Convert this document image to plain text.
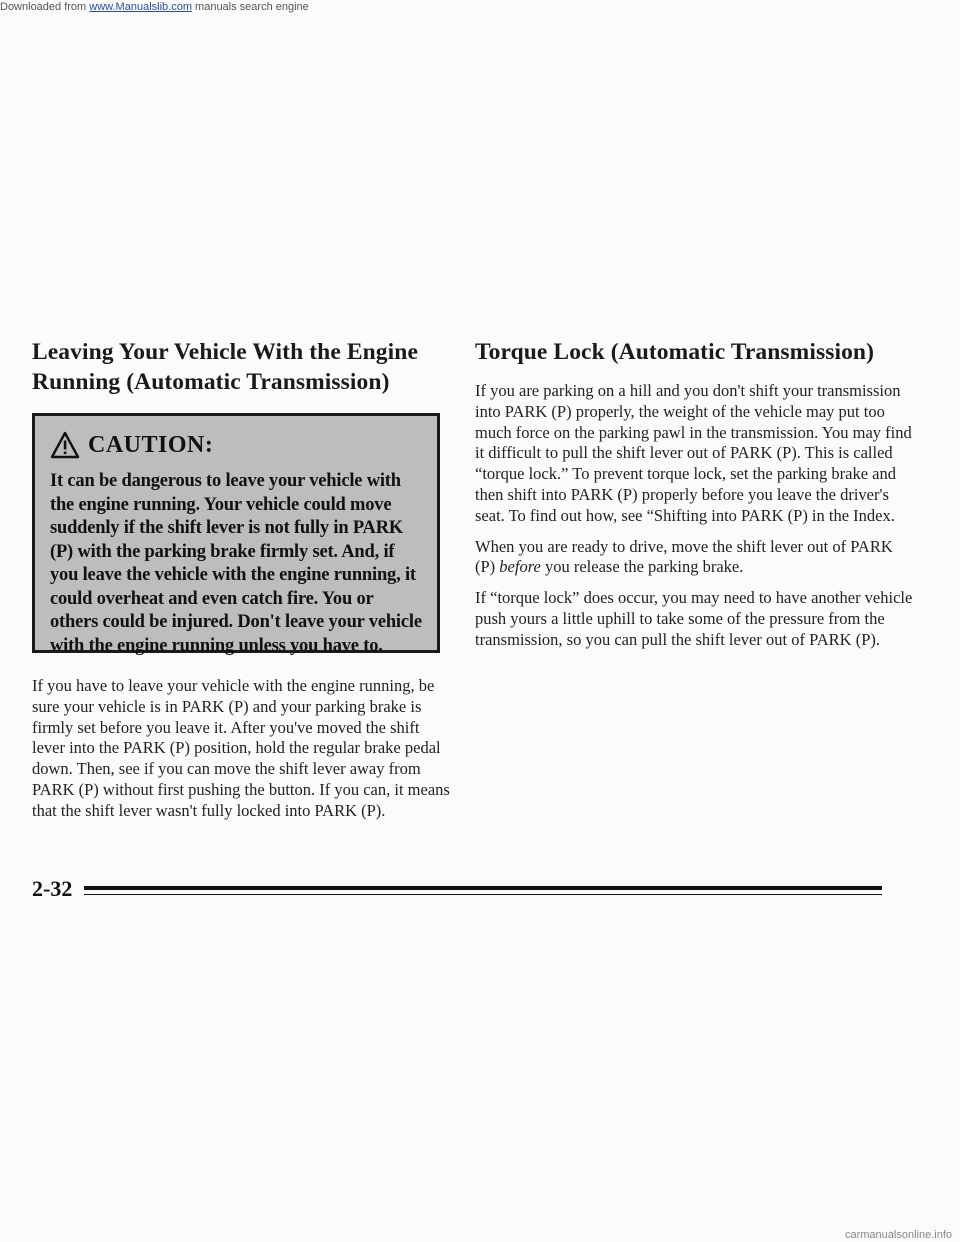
Downloaded from www.Manualslib.com manuals search engine
Leaving Your Vehicle With the Engine
Running (Automatic Transmission)
CAUTION:
It can be dangerous to leave your vehicle with the engine running. Your vehicle could move suddenly if the shift lever is not fully in PARK (P) with the parking brake firmly set. And, if you leave the vehicle with the engine running, it could overheat and even catch fire. You or others could be injured. Don't leave your vehicle with the engine running unless you have to.

If you have to leave your vehicle with the engine running, be sure your vehicle is in PARK (P) and your parking brake is firmly set before you leave it. After you've moved the shift lever into the PARK (P) position, hold the regular brake pedal down. Then, see if you can move the shift lever away from PARK (P) without first pushing the button. If you can, it means that the shift lever wasn't fully locked into PARK (P).

Torque Lock (Automatic Transmission)

If you are parking on a hill and you don't shift your transmission into PARK (P) properly, the weight of the vehicle may put too much force on the parking pawl in the transmission. You may find it difficult to pull the shift lever out of PARK (P). This is called “torque lock.” To prevent torque lock, set the parking brake and then shift into PARK (P) properly before you leave the driver's seat. To find out how, see “Shifting into PARK (P) in the Index.

When you are ready to drive, move the shift lever out of PARK (P) before you release the parking brake.

If “torque lock” does occur, you may need to have another vehicle push yours a little uphill to take some of the pressure from the transmission, so you can pull the shift lever out of PARK (P).

2-32
carmanualsonline.info
